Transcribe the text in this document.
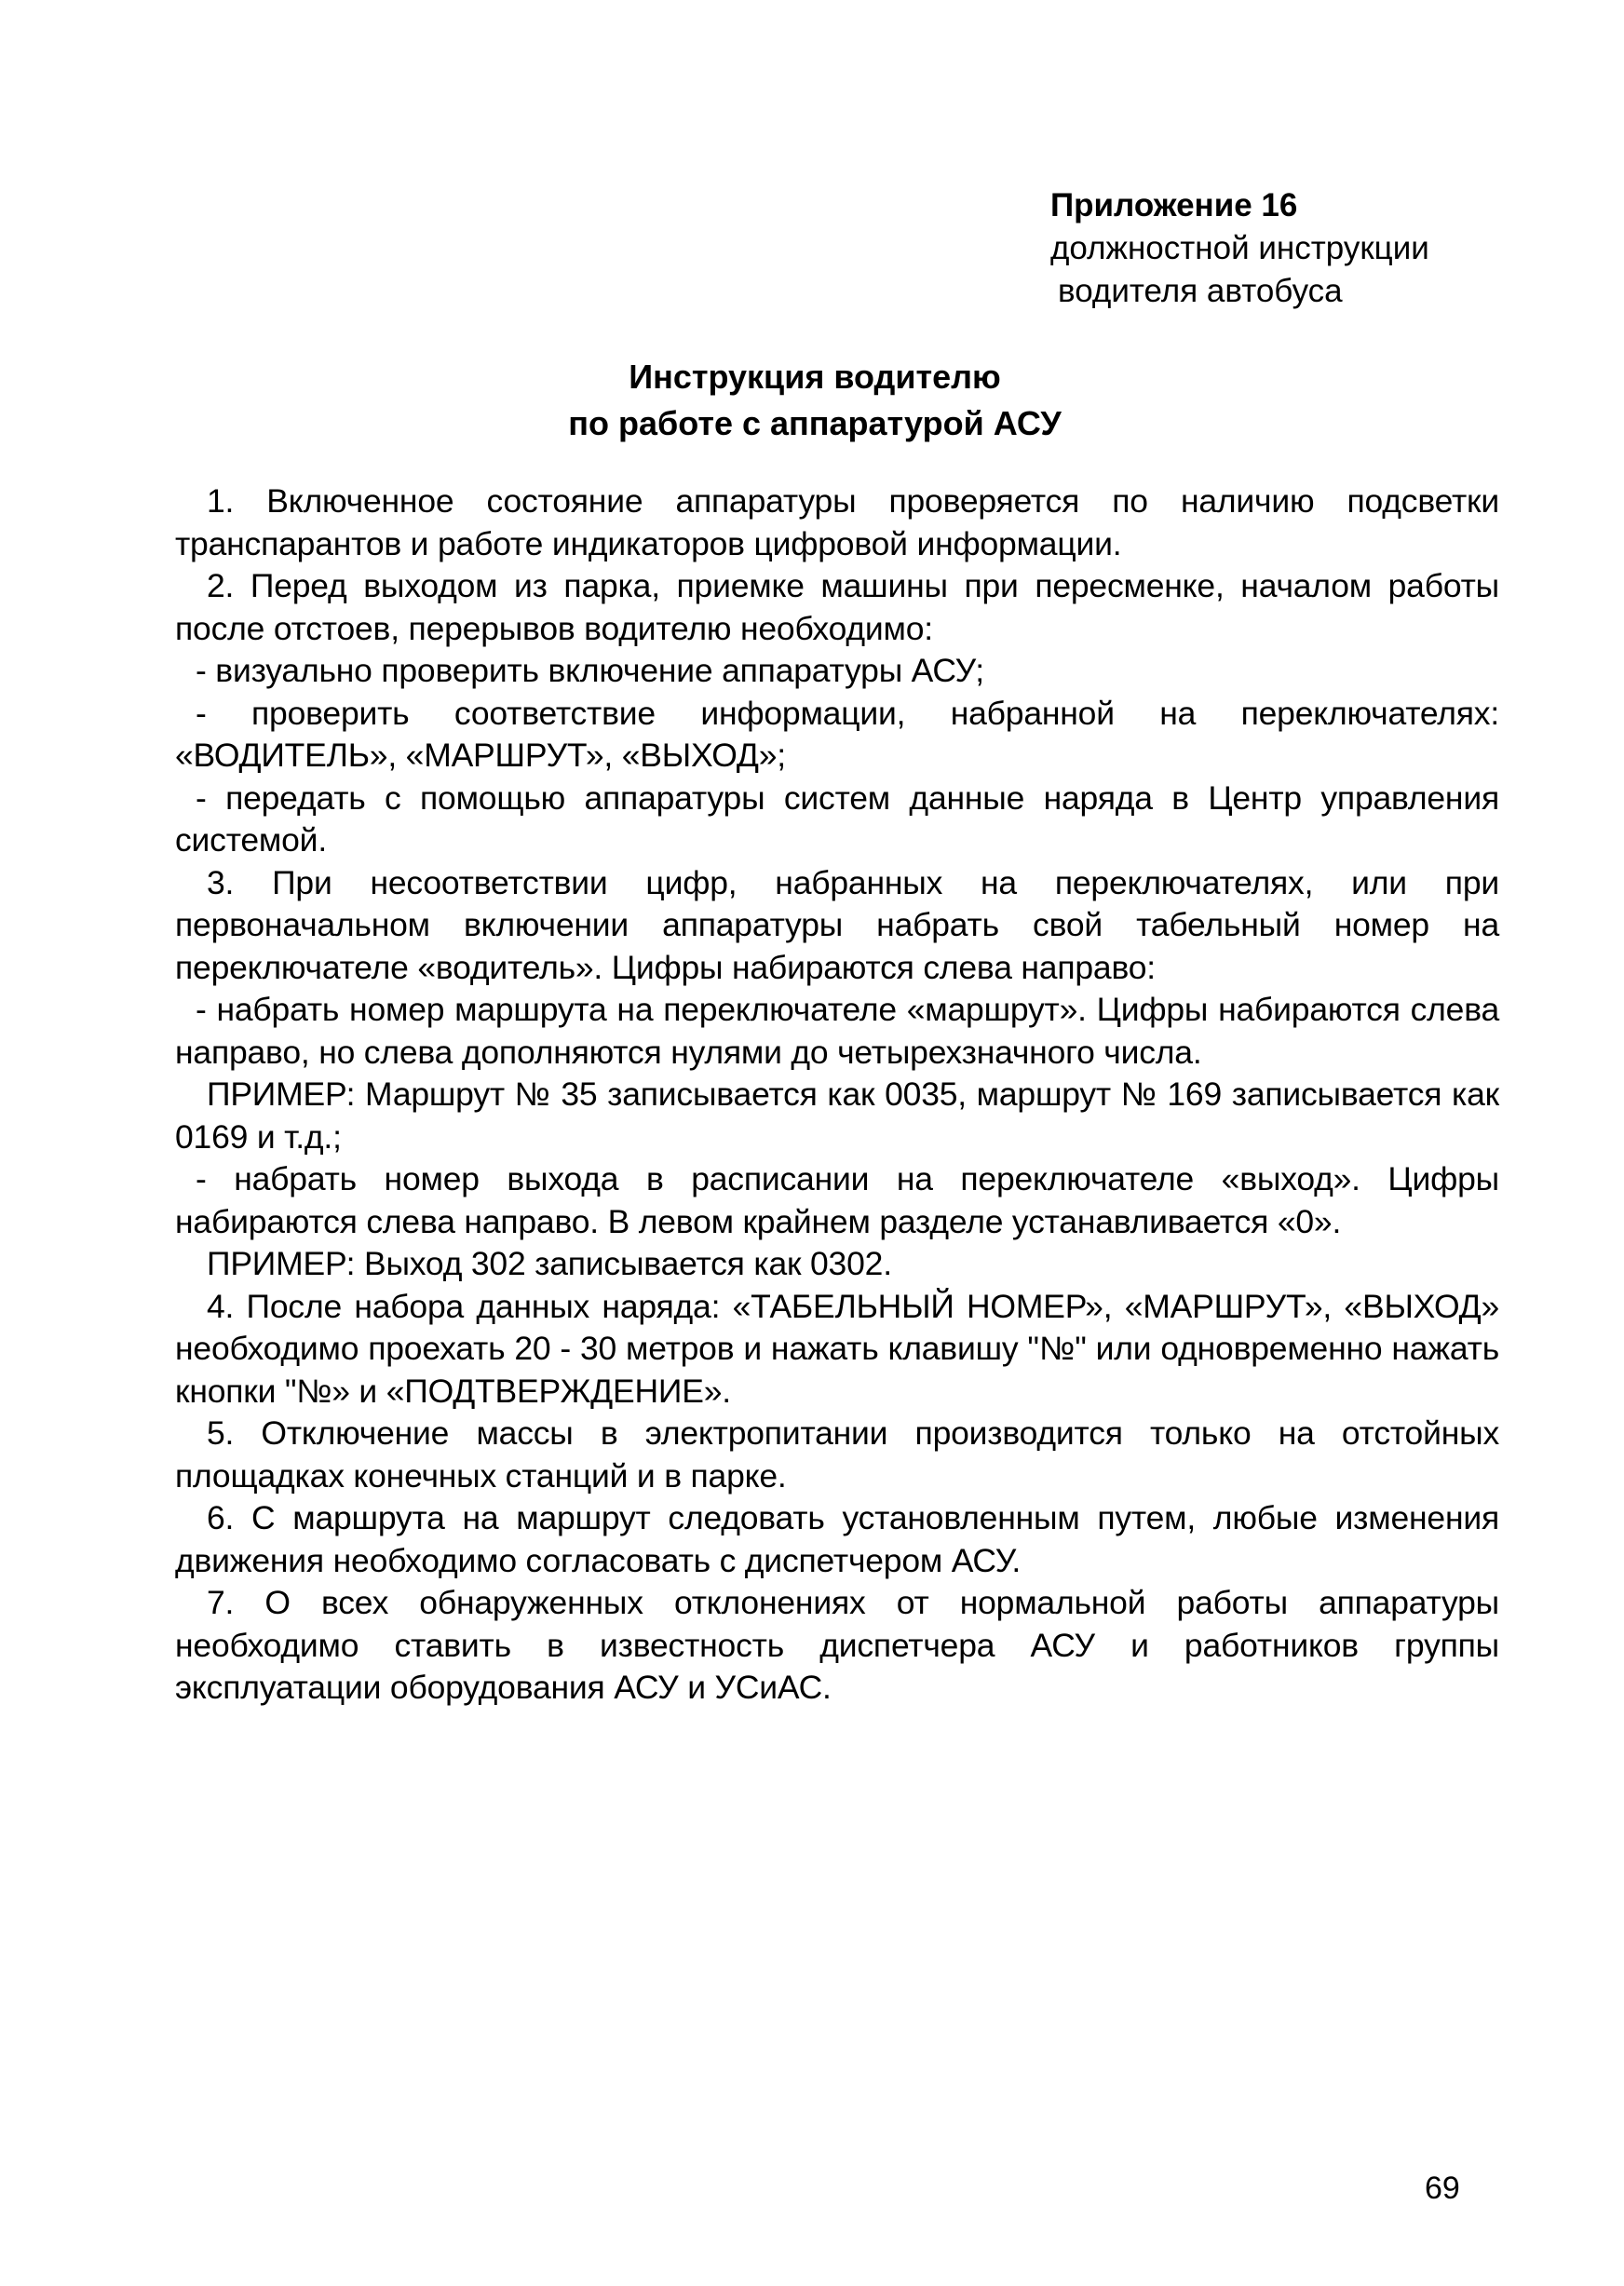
Приложение 16
должностной инструкции
водителя автобуса
Инструкция водителю
по работе с аппаратурой АСУ

1. Включенное состояние аппаратуры проверяется по наличию подсветки транспарантов и работе индикаторов цифровой информации.

2. Перед выходом из парка, приемке машины при пересменке, началом работы после отстоев, перерывов водителю необходимо:

- визуально проверить включение аппаратуры АСУ;

- проверить соответствие информации, набранной на переключателях: «ВОДИТЕЛЬ», «МАРШРУТ», «ВЫХОД»;

- передать с помощью аппаратуры систем данные наряда в Центр управления системой.

3. При несоответствии цифр, набранных на переключателях, или при первоначальном включении аппаратуры набрать свой табельный номер на переключателе «водитель». Цифры набираются слева направо:

- набрать номер маршрута на переключателе «маршрут». Цифры набираются слева направо, но слева дополняются нулями до четырехзначного числа.

ПРИМЕР: Маршрут № 35 записывается как 0035, маршрут № 169 записывается как 0169 и т.д.;

- набрать номер выхода в расписании на переключателе «выход». Цифры набираются слева направо. В левом крайнем разделе устанавливается «0».

ПРИМЕР: Выход 302 записывается как 0302.

4. После набора данных наряда: «ТАБЕЛЬНЫЙ НОМЕР», «МАРШРУТ», «ВЫХОД» необходимо проехать 20 - 30 метров и нажать клавишу "№" или одновременно нажать кнопки "№» и «ПОДТВЕРЖДЕНИЕ».

5. Отключение массы в электропитании производится только на отстойных площадках конечных станций и в парке.

6. С маршрута на маршрут следовать установленным путем, любые изменения движения необходимо согласовать с диспетчером АСУ.

7. О всех обнаруженных отклонениях от нормальной работы аппаратуры необходимо ставить в известность диспетчера АСУ и работников группы эксплуатации оборудования АСУ и УСиАС.

69
